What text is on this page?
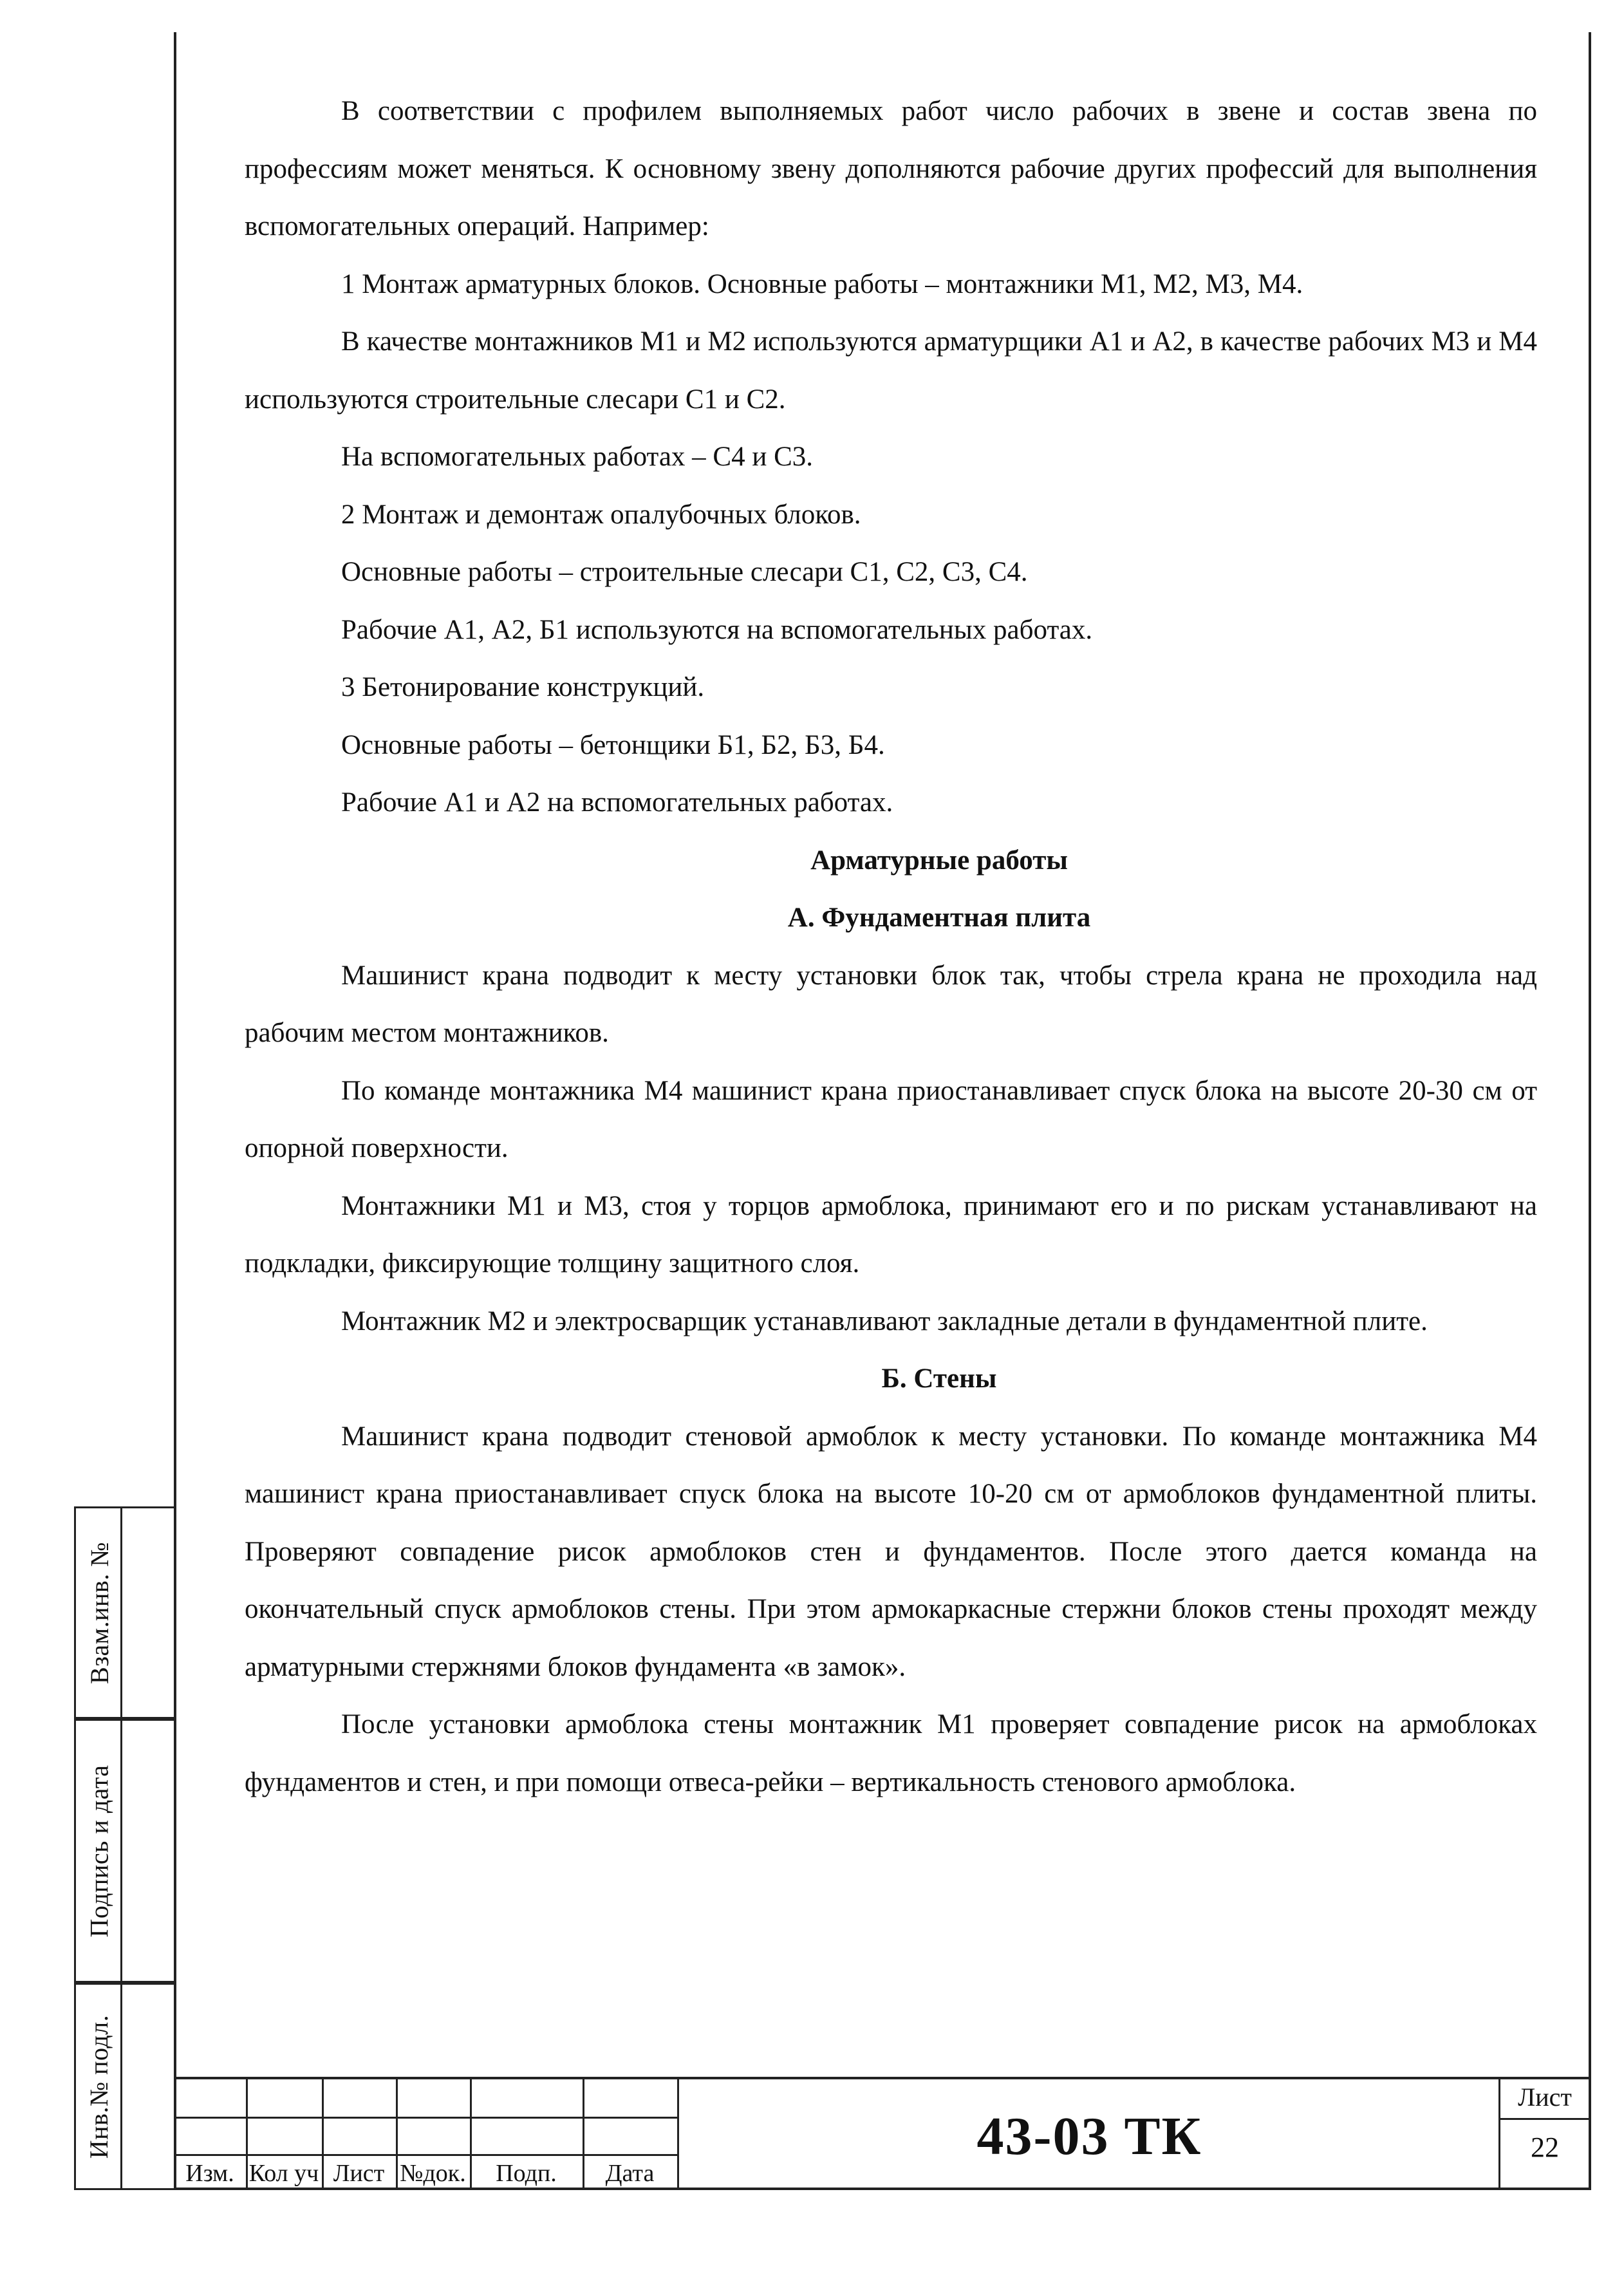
В соответствии с профилем выполняемых работ число рабочих в звене и состав звена по профессиям может меняться. К основному звену дополняются рабочие других профессий для выполнения вспомогательных операций. Например:

1 Монтаж арматурных блоков. Основные работы – монтажники М1, М2, М3, М4.

В качестве монтажников М1 и М2 используются арматурщики А1 и А2, в качестве рабочих М3 и М4 используются строительные слесари С1 и С2.

На вспомогательных работах – С4 и С3.

2 Монтаж и демонтаж опалубочных блоков.

Основные работы – строительные слесари С1, С2, С3, С4.

Рабочие А1, А2, Б1 используются на вспомогательных работах.

3 Бетонирование конструкций.

Основные работы – бетонщики Б1, Б2, Б3, Б4.

Рабочие А1 и А2 на вспомогательных работах.

Арматурные работы
А. Фундаментная плита

Машинист крана подводит к месту установки блок так, чтобы стрела крана не проходила над рабочим местом монтажников.

По команде монтажника М4 машинист крана приостанавливает спуск блока на высоте 20-30 см от опорной поверхности.

Монтажники М1 и М3, стоя у торцов армоблока, принимают его и по рискам устанавливают на подкладки, фиксирующие толщину защитного слоя.

Монтажник М2 и электросварщик устанавливают закладные детали в фундаментной плите.

Б. Стены

Машинист крана подводит стеновой армоблок к месту установки. По команде монтажника М4 машинист крана приостанавливает спуск блока на высоте 10-20 см от армоблоков фундаментной плиты. Проверяют совпадение рисок армоблоков стен и фундаментов. После этого дается команда на окончательный спуск армоблоков стены. При этом армокаркасные стержни блоков стены проходят между арматурными стержнями блоков фундамента «в замок».

После установки армоблока стены монтажник М1 проверяет совпадение рисок на армоблоках фундаментов и стен, и при помощи отвеса-рейки – вертикальность стенового армоблока.

Взам.инв. №
Подпись и дата
Инв.№ подл.
Изм. Кол уч Лист №док.	Подп.	Дата
43-03 ТК
Лист
22
